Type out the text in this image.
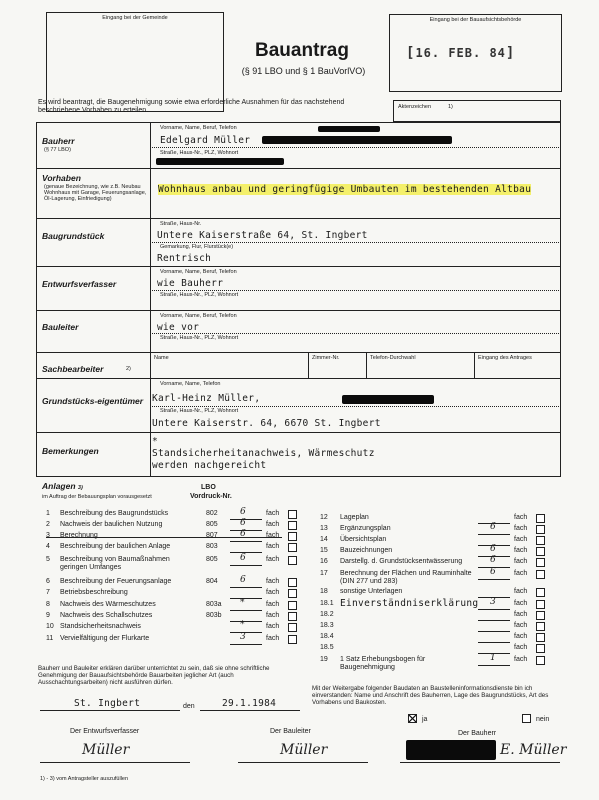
Eingang bei der Gemeinde
Bauantrag
(§ 91 LBO und § 1 BauVorlVO)
Eingang bei der Bauaufsichtsbehörde
[16. FEB. 84]
Es wird beantragt, die Baugenehmigung sowie etwa erforderliche Ausnahmen für das nachstehend beschriebene Vorhaben zu erteilen.
Aktenzeichen	1)
Bauherr
(§ 77 LBO)
Vorname, Name, Beruf, Telefon
Edelgard Müller
Straße, Haus-Nr., PLZ, Wohnort
Vorhaben
(genaue Bezeichnung, wie z.B. Neubau Wohnhaus mit Garage, Feuerungsanlage, Öl-Lagerung, Einfriedigung)
Wohnhaus anbau und geringfügige Umbauten im bestehenden Altbau
Baugrundstück
Straße, Haus-Nr.
Untere Kaiserstraße 64, St. Ingbert
Gemarkung, Flur, Flurstück(e)
Rentrisch
Entwurfsverfasser
Vorname, Name, Beruf, Telefon
wie Bauherr
Straße, Haus-Nr., PLZ, Wohnort
Bauleiter
Vorname, Name, Beruf, Telefon
wie vor
Straße, Haus-Nr., PLZ, Wohnort
Sachbearbeiter	2)
Name	Zimmer-Nr.	Telefon-Durchwahl	Eingang des Antrages
Grundstücks-eigentümer
Vorname, Name, Telefon
Karl-Heinz Müller,
Straße, Haus-Nr., PLZ, Wohnort
Untere Kaiserstr. 64, 6670 St. Ingbert
Bemerkungen
*
Standsicherheitanachweis, Wärmeschutz
werden nachgereicht
Anlagen 3)
im Auftrag der Bebauungsplan vorausgesetzt
LBO
Vordruck-Nr.
1 Beschreibung des Baugrundstücks	802 6	fach
2 Nachweis der baulichen Nutzung	805 6	fach
3 Berechnung	807 6	fach
4 Beschreibung der baulichen Anlage	803	fach
5 Beschreibung von Baumaßnahmen geringen Umfanges
805 6	fach
6 Beschreibung der Feuerungsanlage	804 6	fach
7 Betriebsbeschreibung	fach
8 Nachweis des Wärmeschutzes	803a *	fach
9 Nachweis des Schallschutzes	803b	fach
10 Standsicherheitsnachweis	*	fach
11 Vervielfältigung der Flurkarte	3	fach
12 Lageplan	fach
13 Ergänzungsplan	6	fach
14 Übersichtsplan	fach
15 Bauzeichnungen	6	fach
16 Darstellg. d. Grundstücksentwässerung	6	fach
17 Berechnung der Flächen und Rauminhalte (DIN 277 und 283)
6	fach
18 sonstige Unterlagen	fach
18.1 Einverständniserklärung 3	fach
18.2	fach
18.3	fach
18.4	fach
18.5	fach
19 1 Satz Erhebungsbogen für Baugenehmigung
1	fach
Bauherr und Bauleiter erklären darüber unterrichtet zu sein, daß sie ohne schriftliche Genehmigung der Bauaufsichtsbehörde Bauarbeiten jeglicher Art (auch Ausschachtungsarbeiten) nicht ausführen dürfen.
Mit der Weitergabe folgender Baudaten an Baustelleninformationsdienste bin ich einverstanden: Name und Anschrift des Bauherren, Lage des Baugrundstücks, Art des Vorhabens und Baukosten.
St. Ingbert	den	29.1.1984
ja	nein
Der Entwurfsverfasser
Müller
Der Bauleiter
Müller
Der Bauherr
E. Müller
1) - 3) vom Antragsteller auszufüllen
